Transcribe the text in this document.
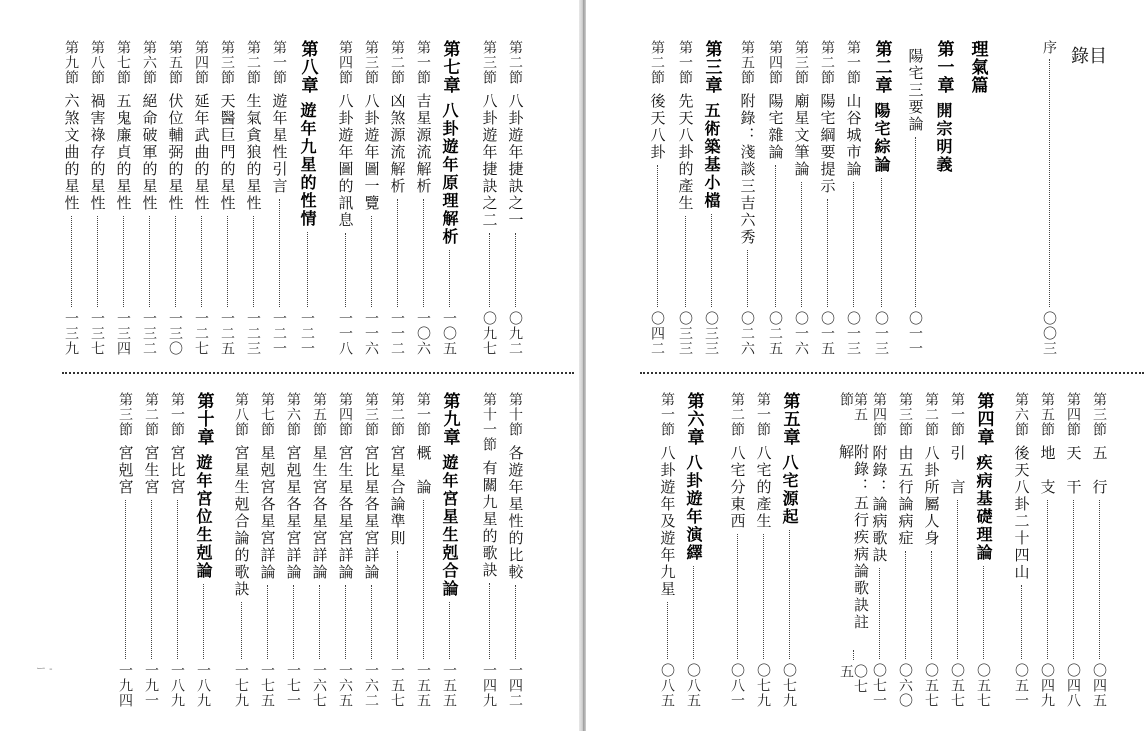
第二節
八卦遊年捷訣之一
〇九二
第三節
八卦遊年捷訣之二
〇九七
第七章
八卦遊年原理解析
一〇五
第一節
吉星源流解析
一〇六
第二節
凶煞源流解析
一一二
第三節
八卦遊年圖一覽
一一六
第四節
八卦遊年圖的訊息
一一八
第八章
遊年九星的性情
一二一
第一節
遊年星性引言
一二一
第二節
生氣貪狼的星性
一二三
第三節
天醫巨門的星性
一二五
第四節
延年武曲的星性
一二七
第五節
伏位輔弼的星性
一三〇
第六節
絕命破軍的星性
一三二
第七節
五鬼廉貞的星性
一三四
第八節
禍害祿存的星性
一三七
第九節
六煞文曲的星性
一三九
第十節
各遊年星性的比較
一四二
第十一節
有關九星的歌訣
一四九
第九章
遊年宮星生剋合論
一五五
第一節
概　論
一五五
第二節
宮星合論準則
一五七
第三節
宮比星各星宮詳論
一六二
第四節
宮生星各星宮詳論
一六五
第五節
星生宮各星宮詳論
一六七
第六節
宮剋星各星宮詳論
一七一
第七節
星剋宮各星宮詳論
一七五
第八節
宮星生剋合論的歌訣
一七九
第十章
遊年宮位生剋論
一八九
第一節
宮比宮
一八九
第二節
宮生宮
一九一
第三節
宮剋宮
一九四
ー -
目 錄
序
〇〇三
理氣篇
第一章
開宗明義
陽宅三要論
〇一一
第二章
陽宅綜論
〇一三
第一節
山谷城市論
〇一三
第二節
陽宅綱要提示
〇一五
第三節
廟星文筆論
〇一六
第四節
陽宅雜論
〇二五
第五節
附錄：淺談三吉六秀
〇二六
第三章
五術築基小檔
〇三三
第一節
先天八卦的產生
〇三三
第二節
後天八卦
〇四二
第三節
五　行
〇四五
第四節
天　干
〇四八
第五節
地　支
〇四九
第六節
後天八卦二十四山
〇五一
第四章
疾病基礎理論
〇五七
第一節
引　言
〇五七
第二節
八卦所屬人身
〇五七
第三節
由五行論病症
〇六〇
第四節
附錄：論病歌訣
〇七一
第五節
附錄：五行疾病論歌訣註解
〇七五
第五章
八宅源起
〇七九
第一節
八宅的產生
〇七九
第二節
八宅分東西
〇八一
第六章
八卦遊年演繹
〇八五
第一節
八卦遊年及遊年九星
〇八五
